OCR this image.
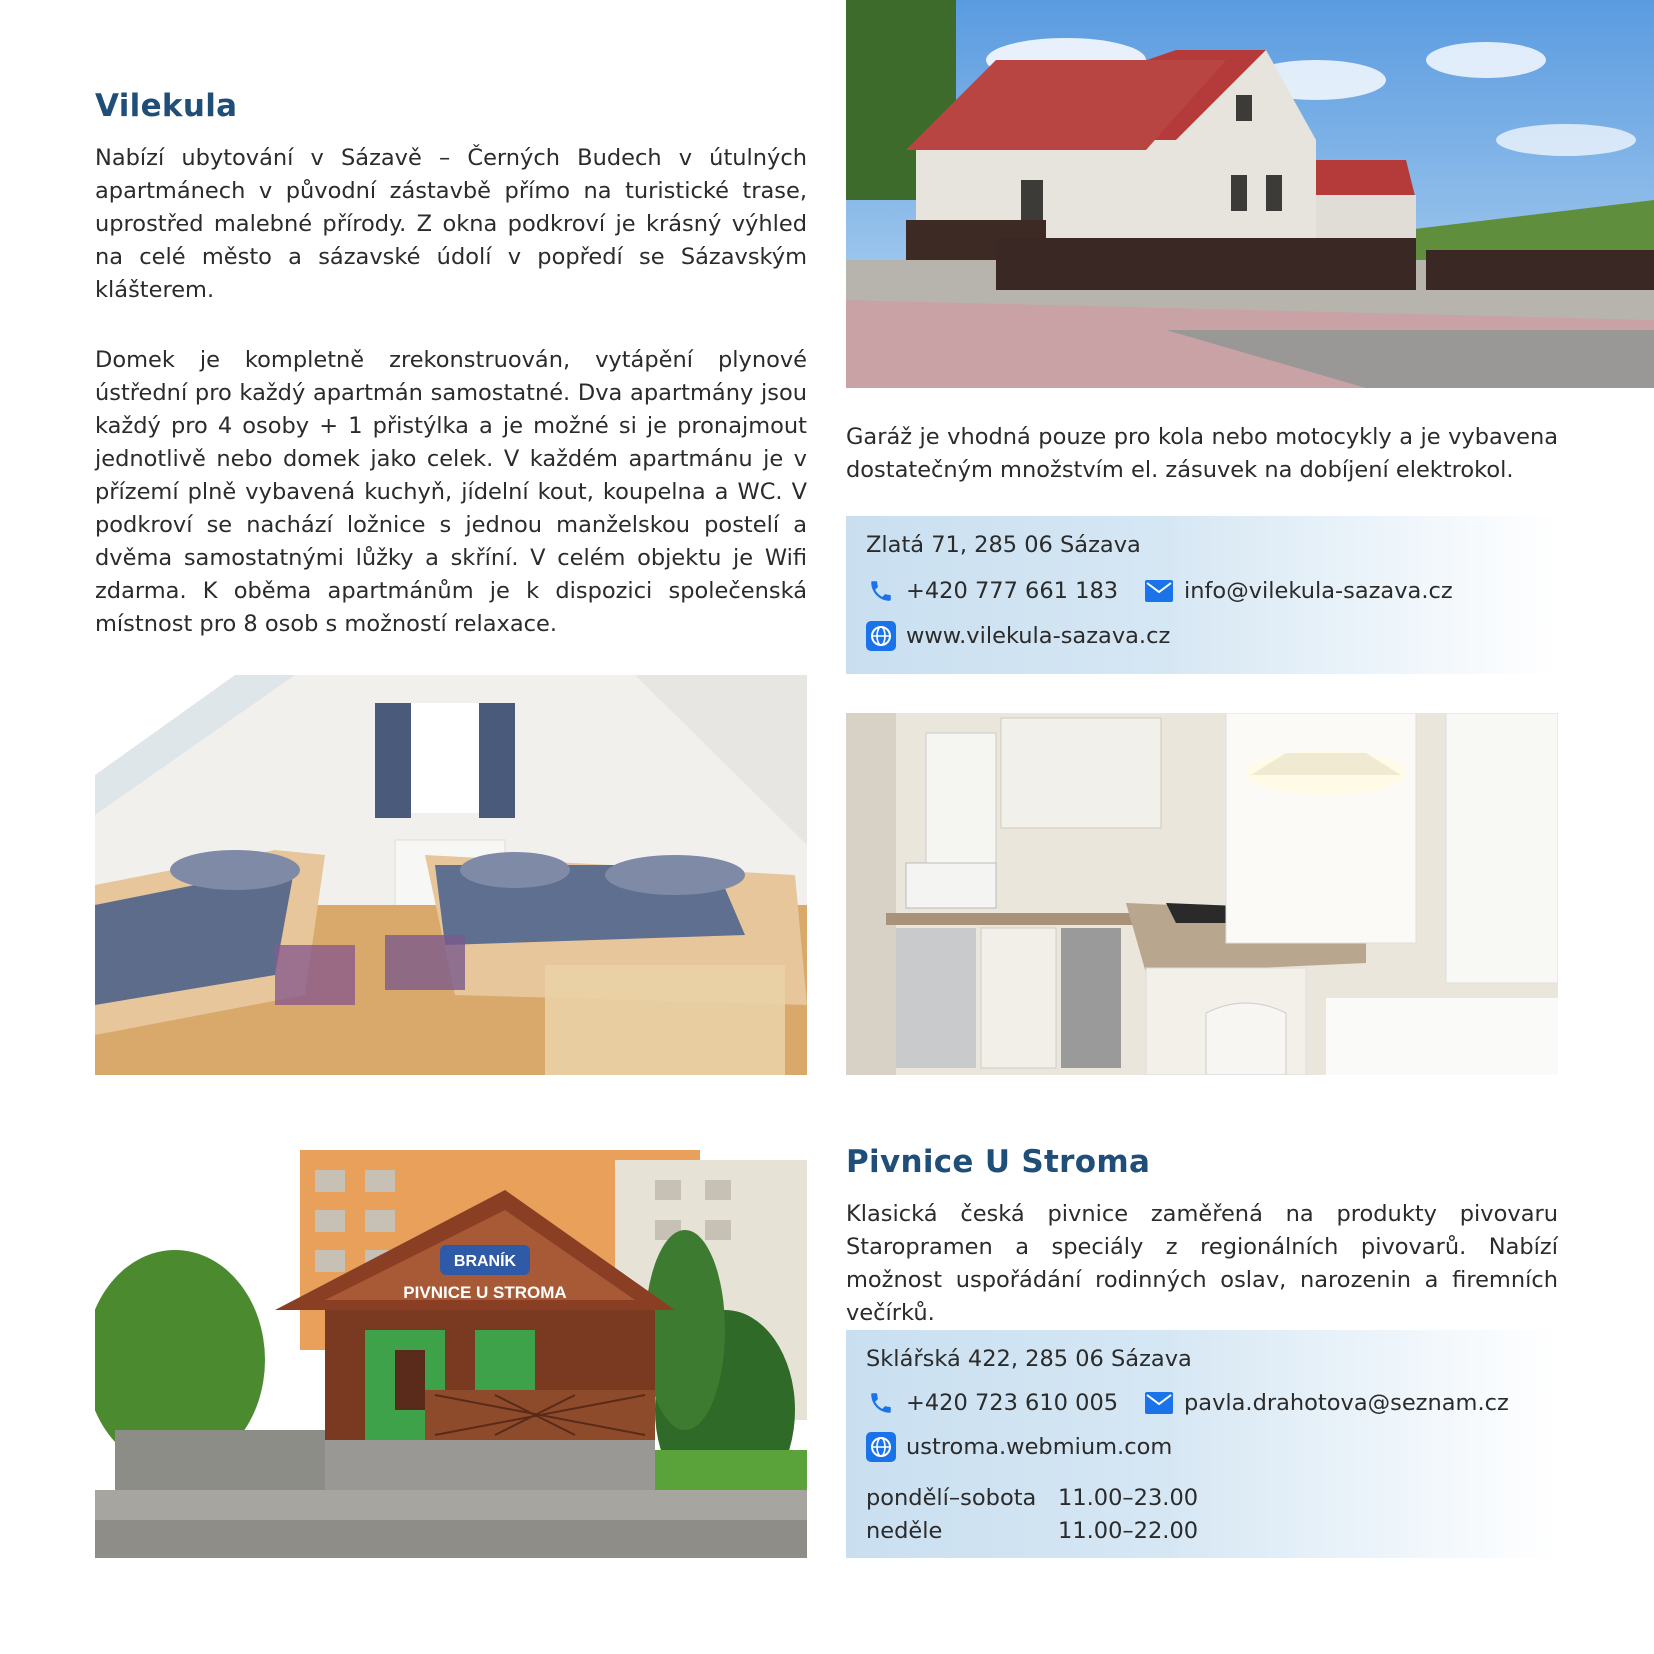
Vilekula

Nabízí ubytování v Sázavě – Černých Budech v útulných apartmánech v původní zástavbě přímo na turistické trase, uprostřed malebné přírody. Z okna podkroví je krásný výhled na celé město a sázavské údolí v popředí se Sázavským klášterem.

Domek je kompletně zrekonstruován, vytápění plynové ústřední pro každý apartmán samostatné. Dva apartmány jsou každý pro 4 osoby + 1 přistýlka a je možné si je pronajmout jednotlivě nebo domek jako celek. V každém apartmánu je v přízemí plně vybavená kuchyň, jídelní kout, koupelna a WC. V podkroví se nachází ložnice s jednou manželskou postelí a dvěma samostatnými lůžky a skříní. V celém objektu je Wifi zdarma. K oběma apartmánům je k dispozici společenská místnost pro 8 osob s možností relaxace.

Garáž je vhodná pouze pro kola nebo motocykly a je vybavena dostatečným množstvím el. zásuvek na dobíjení elektrokol.

Zlatá 71, 285 06 Sázava
+420 777 661 183	info@vilekula-sazava.cz
www.vilekula-sazava.cz
BRANÍK
PIVNICE U STROMA
Pivnice U Stroma

Klasická česká pivnice zaměřená na produkty pivovaru Staropramen a speciály z regionálních pivovarů. Nabízí možnost uspořádání rodinných oslav, narozenin a firemních večírků.

Sklářská 422, 285 06 Sázava
+420 723 610 005	pavla.drahotova@seznam.cz
ustroma.webmium.com
pondělí–sobota 11.00–23.00
neděle	11.00–22.00
